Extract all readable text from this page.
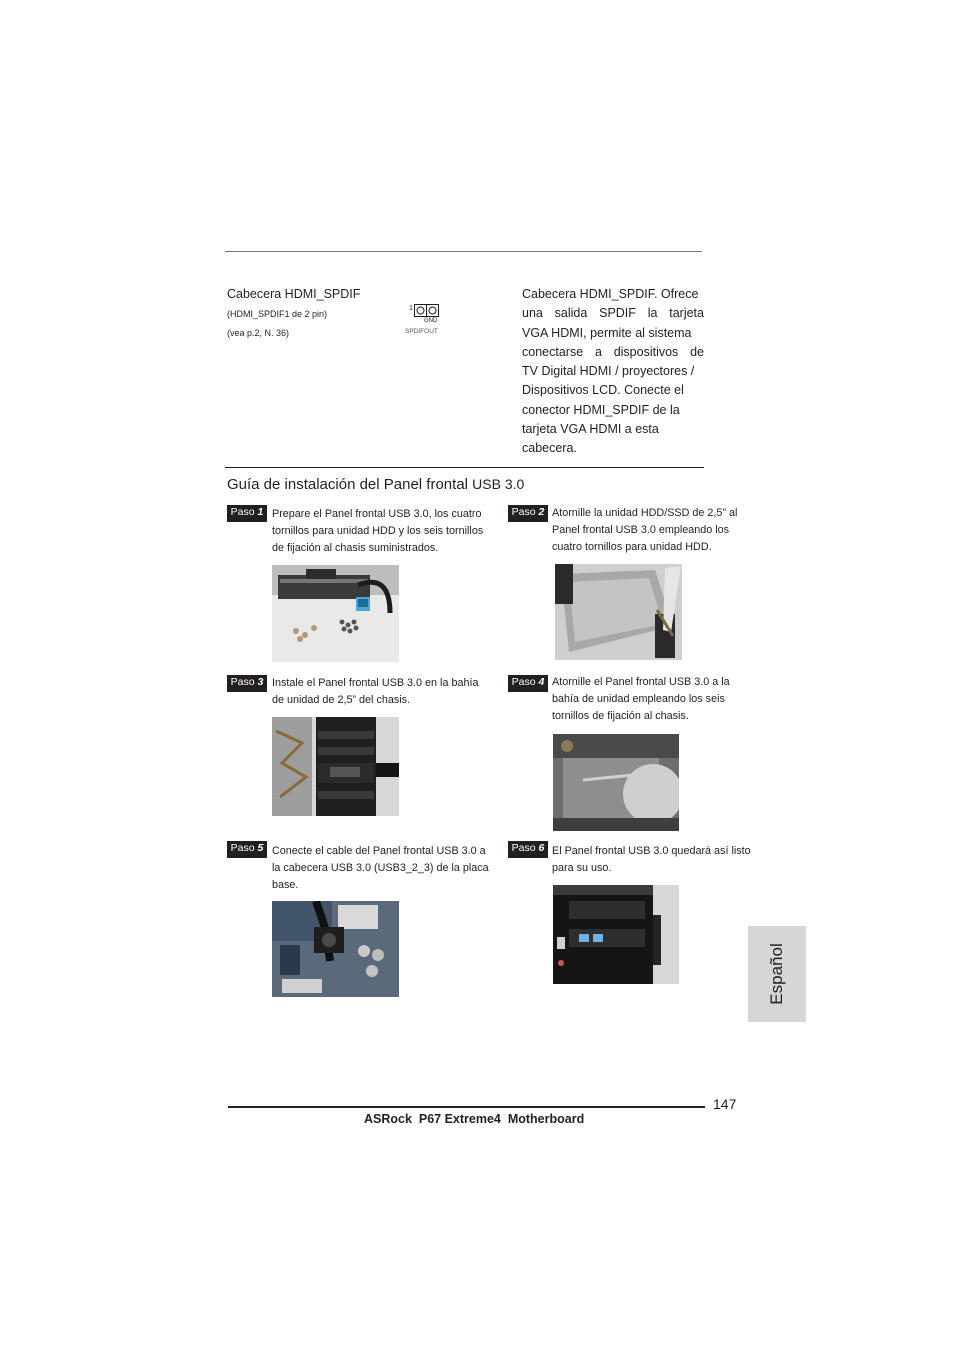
Cabecera HDMI_SPDIF
(HDMI_SPDIF1 de 2 pin)
(vea p.2, N. 36)
1
GND
SPDIFOUT
Cabecera HDMI_SPDIF. Ofrece
una salida SPDIF la tarjeta
VGA HDMI, permite al sistema
conectarse a dispositivos de
TV Digital HDMI / proyectores /
Dispositivos LCD. Conecte el
conector HDMI_SPDIF de la
tarjeta VGA HDMI a esta
cabecera.
Guía de instalación del Panel frontal USB 3.0
Paso 1 Prepare el Panel frontal USB 3.0, los cuatro
tornillos para unidad HDD y los seis tornillos
de fijación al chasis suministrados.
Paso 2 Atornille la unidad HDD/SSD de 2,5” al
Panel frontal USB 3.0 empleando los
cuatro tornillos para unidad HDD.
Paso 3 Instale el Panel frontal USB 3.0 en la bahía
de unidad de 2,5” del chasis.
Paso 4 Atornille el Panel frontal USB 3.0 a la
bahía de unidad empleando los seis
tornillos de fijación al chasis.
Paso 5 Conecte el cable del Panel frontal USB 3.0 a
la cabecera USB 3.0 (USB3_2_3) de la placa
base.
Paso 6 El Panel frontal USB 3.0 quedará así listo
para su uso.
Español
147
ASRock  P67 Extreme4  Motherboard
